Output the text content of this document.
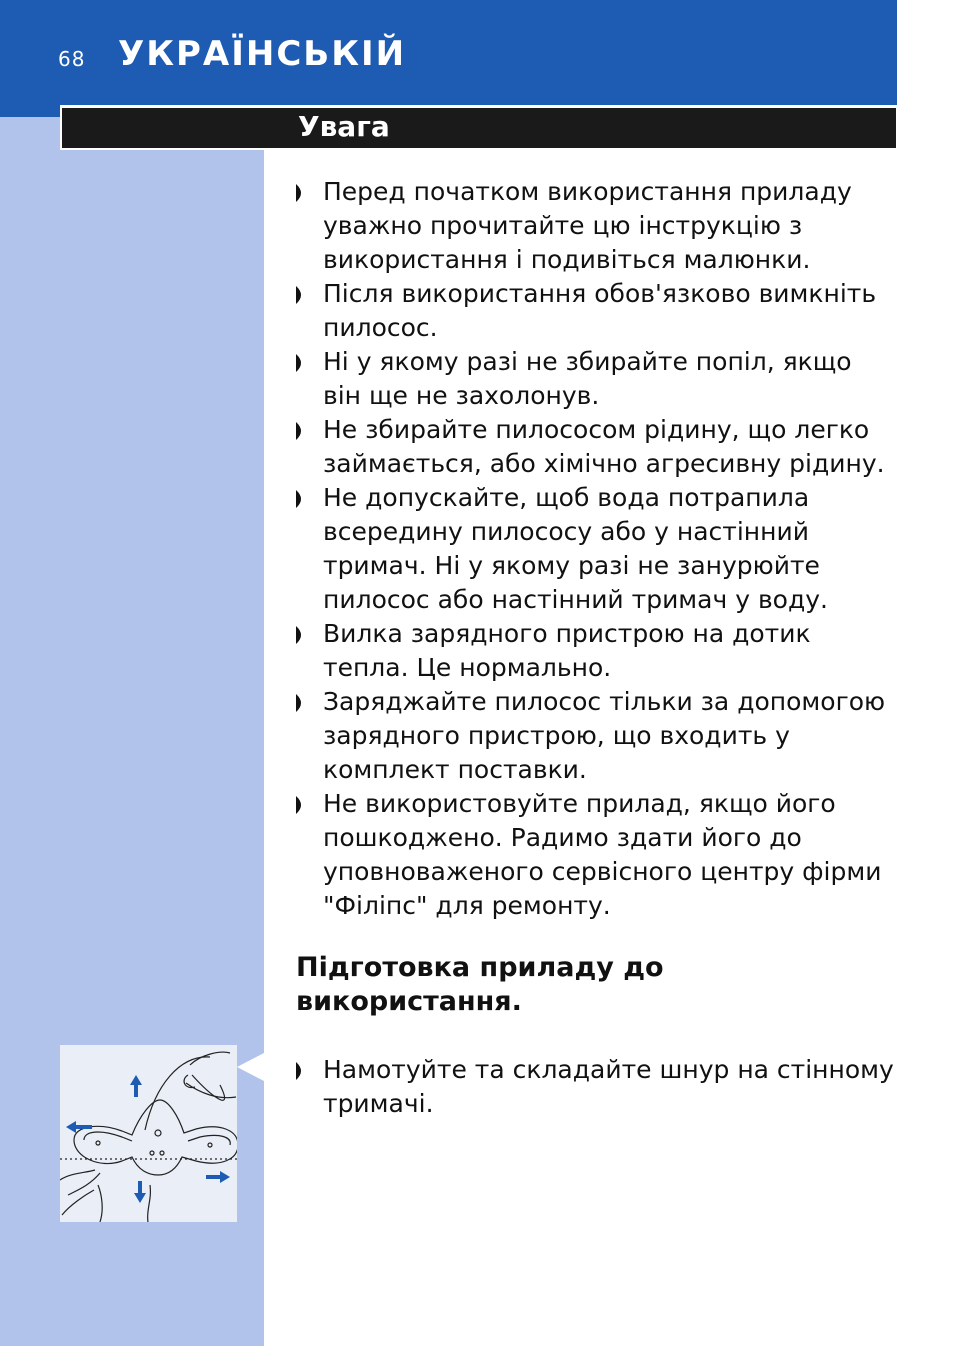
68 УКРАЇНСЬКІЙ
Увага
Перед початком використання приладу уважно прочитайте цю інструкцію з використання і подивіться малюнки.
Після використання обов'язково вимкніть пилосос.
Ні у якому разі не збирайте попіл, якщо він ще не захолонув.
Не збирайте пилососом рідину, що легко займається, або хімічно агресивну рідину.
Не допускайте, щоб вода потрапила всередину пилососу або у настінний тримач. Ні у якому разі не занурюйте пилосос або настінний тримач у воду.
Вилка зарядного пристрою на дотик тепла. Це нормально.
Заряджайте пилосос тільки за допомогою зарядного пристрою, що входить у комплект поставки.
Не використовуйте прилад, якщо його пошкоджено. Радимо здати його до уповноваженого сервісного центру фірми "Філіпс" для ремонту.
Підготовка приладу до використання.
Намотуйте та складайте шнур на стінному тримачі.
